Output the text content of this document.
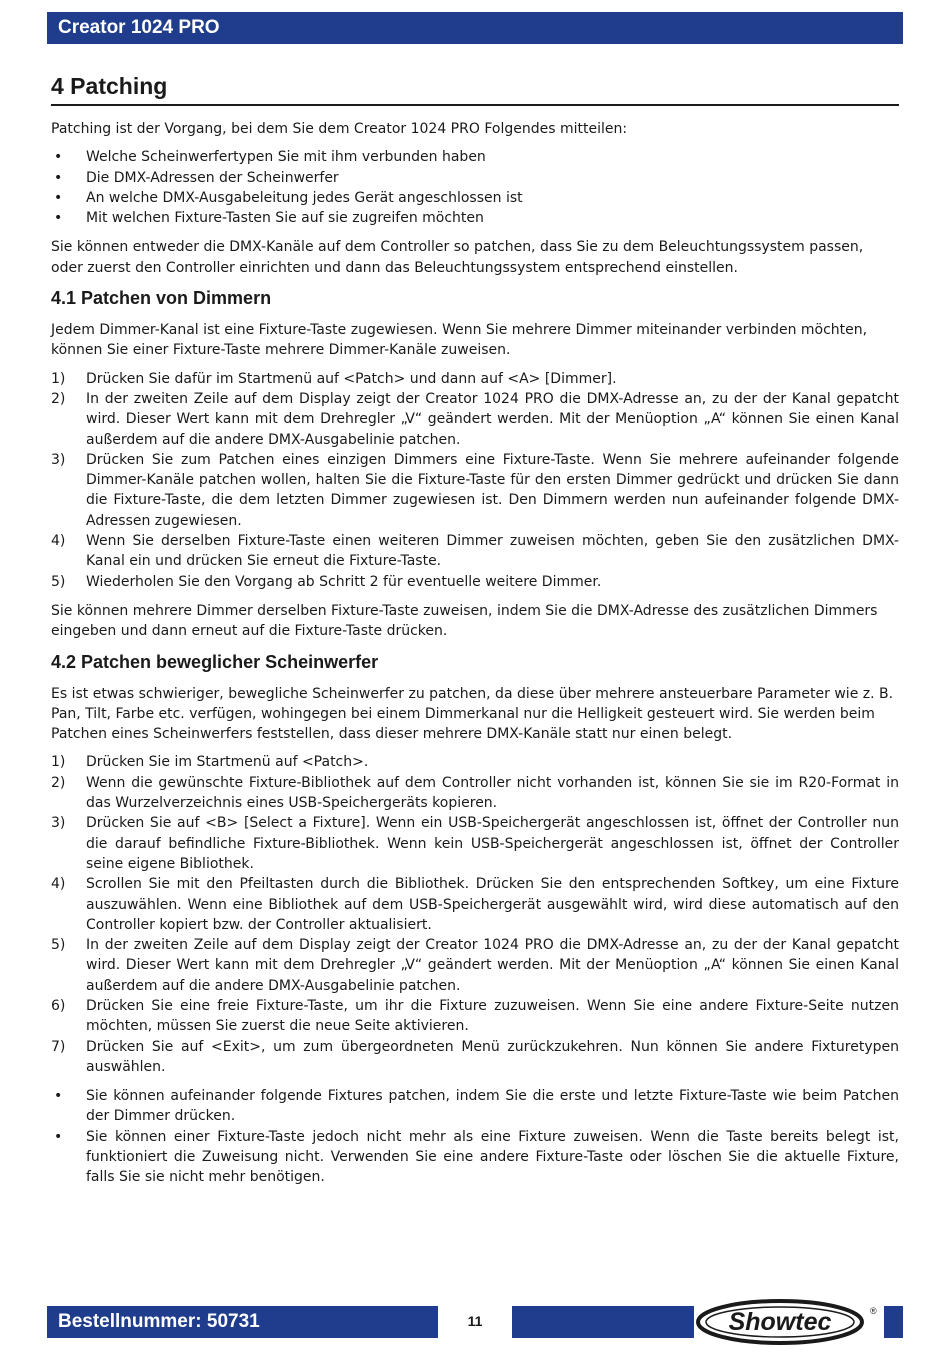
Creator 1024 PRO
4 Patching

Patching ist der Vorgang, bei dem Sie dem Creator 1024 PRO Folgendes mitteilen:

• Welche Scheinwerfertypen Sie mit ihm verbunden haben
• Die DMX-Adressen der Scheinwerfer
• An welche DMX-Ausgabeleitung jedes Gerät angeschlossen ist
• Mit welchen Fixture-Tasten Sie auf sie zugreifen möchten

Sie können entweder die DMX-Kanäle auf dem Controller so patchen, dass Sie zu dem Beleuchtungssystem passen, oder zuerst den Controller einrichten und dann das Beleuchtungssystem entsprechend einstellen.

4.1 Patchen von Dimmern

Jedem Dimmer-Kanal ist eine Fixture-Taste zugewiesen. Wenn Sie mehrere Dimmer miteinander verbinden möchten, können Sie einer Fixture-Taste mehrere Dimmer-Kanäle zuweisen.

1) Drücken Sie dafür im Startmenü auf <Patch> und dann auf <A> [Dimmer].
2) In der zweiten Zeile auf dem Display zeigt der Creator 1024 PRO die DMX-Adresse an, zu der der Kanal gepatcht wird. Dieser Wert kann mit dem Drehregler „V“ geändert werden. Mit der Menüoption „A“ können Sie einen Kanal außerdem auf die andere DMX-Ausgabelinie patchen.
3) Drücken Sie zum Patchen eines einzigen Dimmers eine Fixture-Taste. Wenn Sie mehrere aufeinander folgende Dimmer-Kanäle patchen wollen, halten Sie die Fixture-Taste für den ersten Dimmer gedrückt und drücken Sie dann die Fixture-Taste, die dem letzten Dimmer zugewiesen ist. Den Dimmern werden nun aufeinander folgende DMX-Adressen zugewiesen.
4) Wenn Sie derselben Fixture-Taste einen weiteren Dimmer zuweisen möchten, geben Sie den zusätzlichen DMX-Kanal ein und drücken Sie erneut die Fixture-Taste.
5) Wiederholen Sie den Vorgang ab Schritt 2 für eventuelle weitere Dimmer.

Sie können mehrere Dimmer derselben Fixture-Taste zuweisen, indem Sie die DMX-Adresse des zusätzlichen Dimmers eingeben und dann erneut auf die Fixture-Taste drücken.

4.2 Patchen beweglicher Scheinwerfer

Es ist etwas schwieriger, bewegliche Scheinwerfer zu patchen, da diese über mehrere ansteuerbare Parameter wie z. B. Pan, Tilt, Farbe etc. verfügen, wohingegen bei einem Dimmerkanal nur die Helligkeit gesteuert wird. Sie werden beim Patchen eines Scheinwerfers feststellen, dass dieser mehrere DMX-Kanäle statt nur einen belegt.

1) Drücken Sie im Startmenü auf <Patch>.
2) Wenn die gewünschte Fixture-Bibliothek auf dem Controller nicht vorhanden ist, können Sie sie im R20-Format in das Wurzelverzeichnis eines USB-Speichergeräts kopieren.
3) Drücken Sie auf <B> [Select a Fixture]. Wenn ein USB-Speichergerät angeschlossen ist, öffnet der Controller nun die darauf befindliche Fixture-Bibliothek. Wenn kein USB-Speichergerät angeschlossen ist, öffnet der Controller seine eigene Bibliothek.
4) Scrollen Sie mit den Pfeiltasten durch die Bibliothek. Drücken Sie den entsprechenden Softkey, um eine Fixture auszuwählen. Wenn eine Bibliothek auf dem USB-Speichergerät ausgewählt wird, wird diese automatisch auf den Controller kopiert bzw. der Controller aktualisiert.
5) In der zweiten Zeile auf dem Display zeigt der Creator 1024 PRO die DMX-Adresse an, zu der der Kanal gepatcht wird. Dieser Wert kann mit dem Drehregler „V“ geändert werden. Mit der Menüoption „A“ können Sie einen Kanal außerdem auf die andere DMX-Ausgabelinie patchen.
6) Drücken Sie eine freie Fixture-Taste, um ihr die Fixture zuzuweisen. Wenn Sie eine andere Fixture-Seite nutzen möchten, müssen Sie zuerst die neue Seite aktivieren.
7) Drücken Sie auf <Exit>, um zum übergeordneten Menü zurückzukehren. Nun können Sie andere Fixturetypen auswählen.
• Sie können aufeinander folgende Fixtures patchen, indem Sie die erste und letzte Fixture-Taste wie beim Patchen der Dimmer drücken.
• Sie können einer Fixture-Taste jedoch nicht mehr als eine Fixture zuweisen. Wenn die Taste bereits belegt ist, funktioniert die Zuweisung nicht. Verwenden Sie eine andere Fixture-Taste oder löschen Sie die aktuelle Fixture, falls Sie sie nicht mehr benötigen.
Bestellnummer: 50731	11	Showtec	®
